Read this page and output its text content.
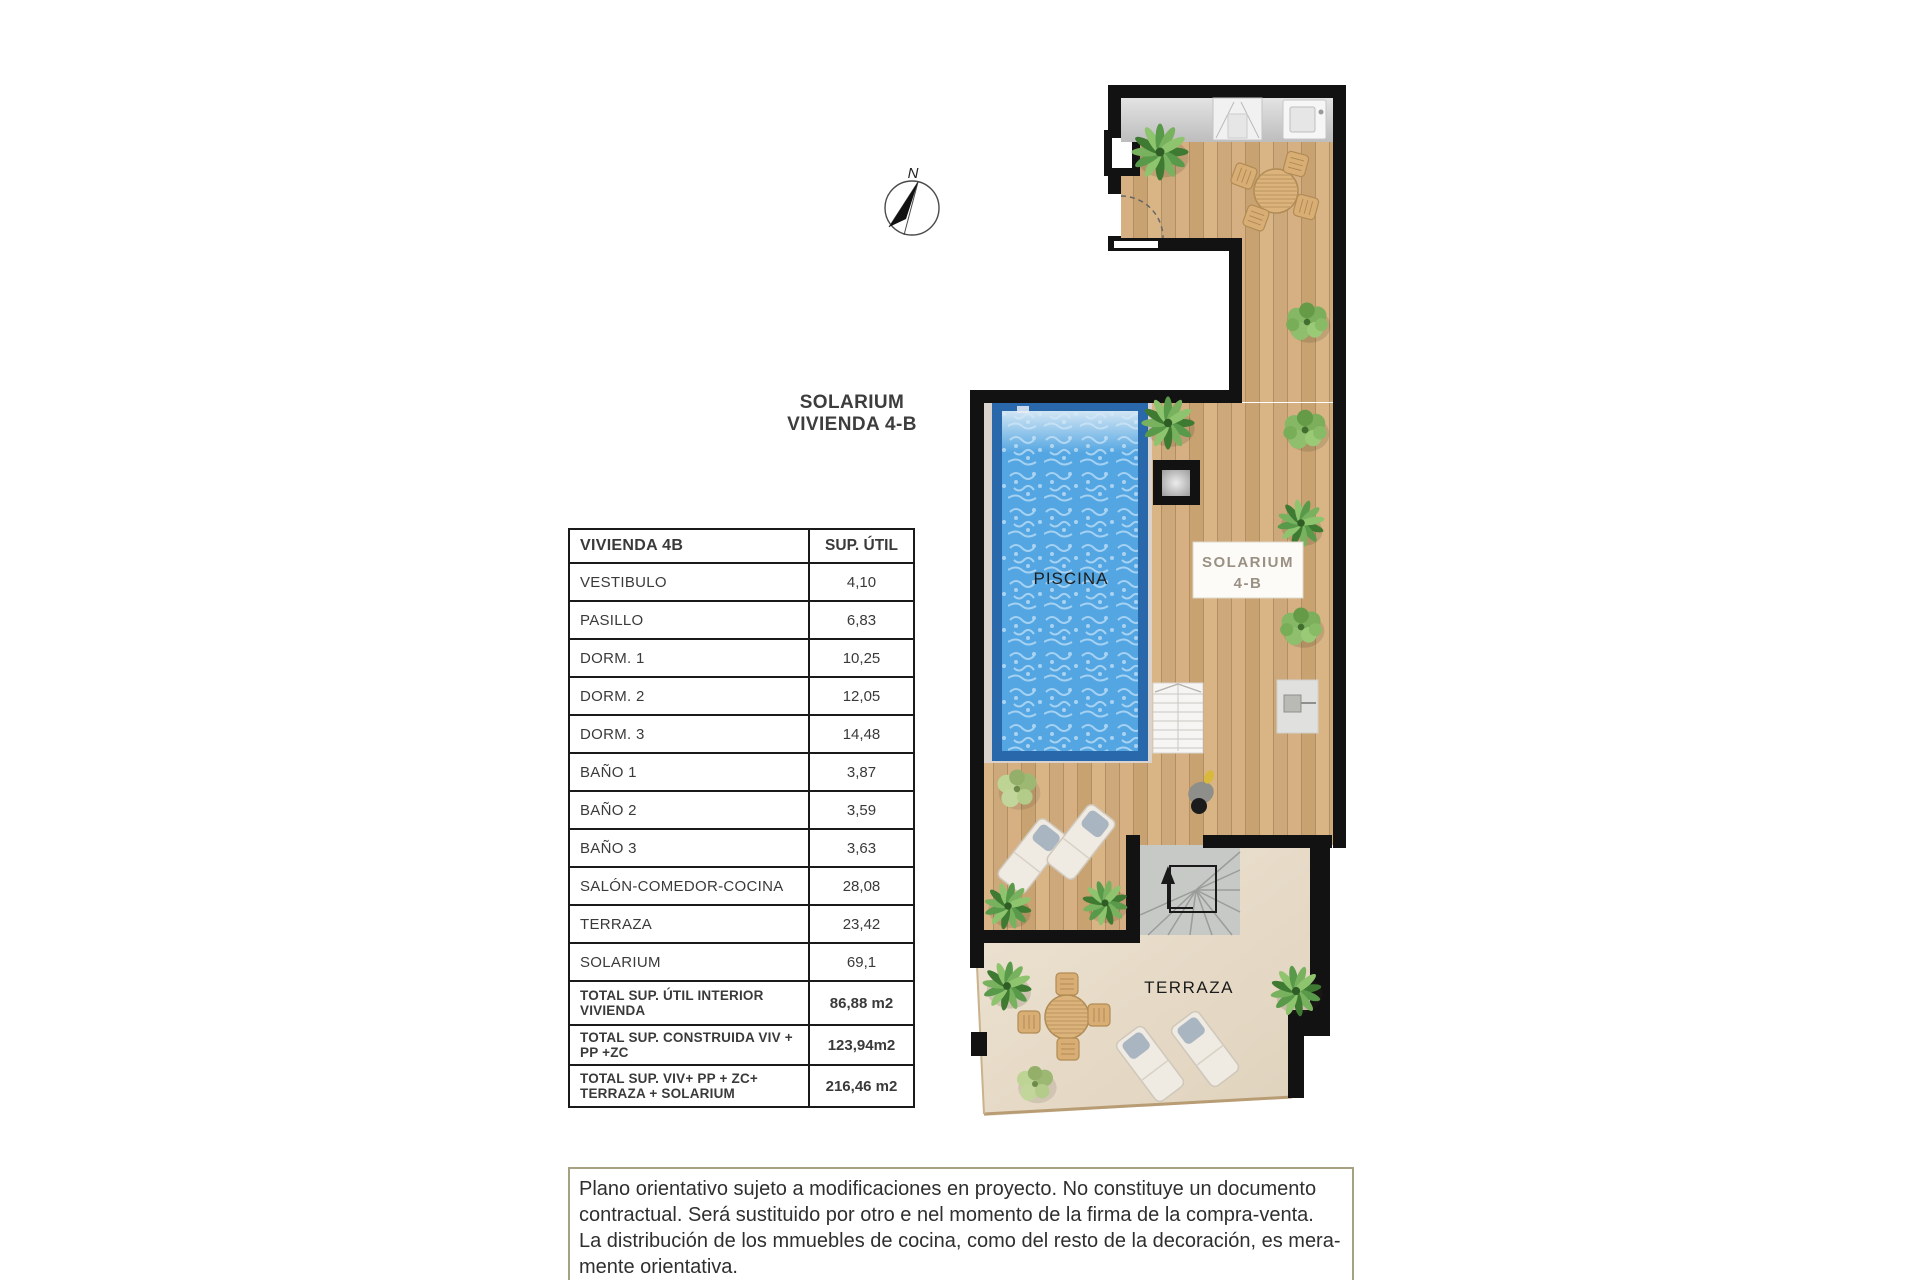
SOLARIUM
VIVIENDA 4-B
VIVIENDA 4B	SUP. ÚTIL
VESTIBULO	4,10
PASILLO	6,83
DORM. 1	10,25
DORM. 2	12,05
DORM. 3	14,48
BAÑO 1	3,87
BAÑO 2	3,59
BAÑO 3	3,63
SALÓN-COMEDOR-COCINA	28,08
TERRAZA	23,42
SOLARIUM	69,1
TOTAL SUP. ÚTIL INTERIOR VIVIENDA	86,88 m2
TOTAL SUP. CONSTRUIDA VIV + PP +ZC	123,94m2
TOTAL SUP. VIV+ PP + ZC+ TERRAZA + SOLARIUM	216,46 m2
N
PISCINA
SOLARIUM
4-B
TERRAZA
Plano orientativo sujeto a modificaciones en proyecto. No constituye un documento
contractual. Será sustituido por otro e nel momento de la firma de la compra-venta.
La distribución de los mmuebles de cocina, como del resto de la decoración, es mera-
mente orientativa.
